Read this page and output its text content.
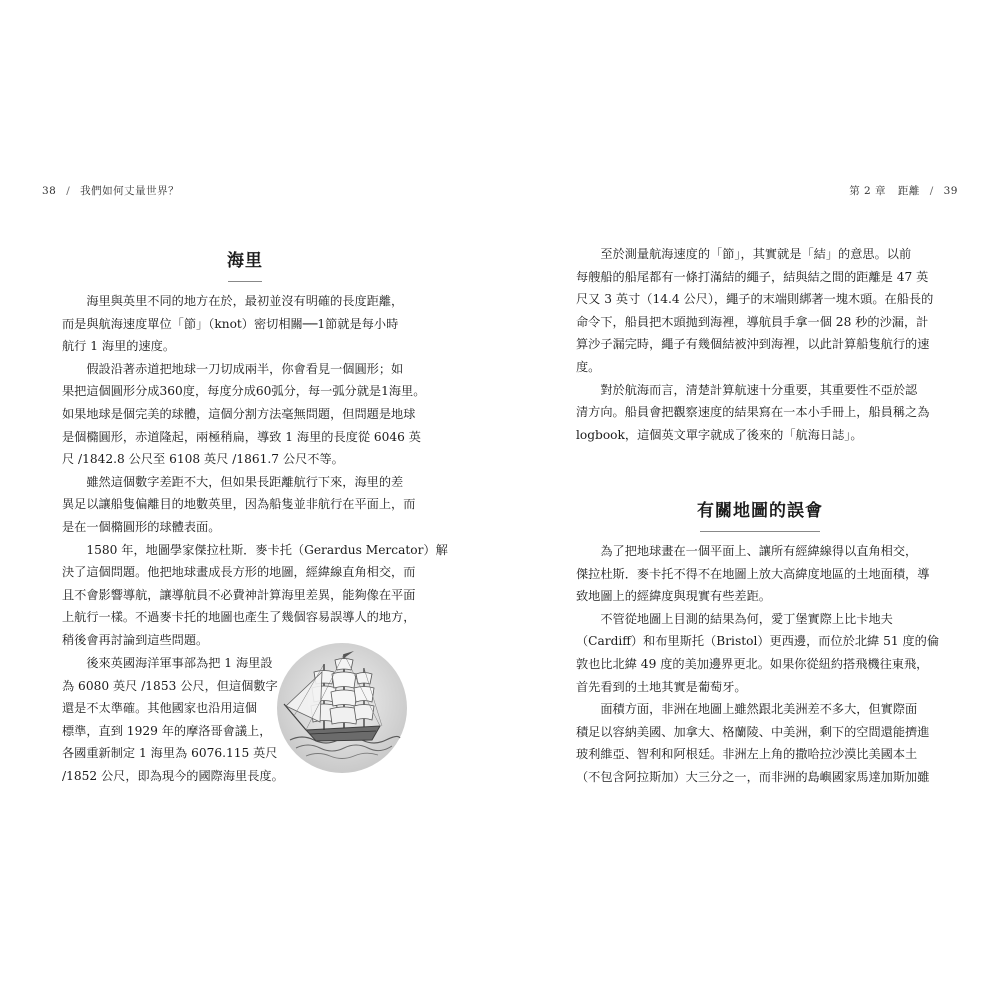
38 / 我們如何丈量世界？
海里
　　海里與英里不同的地方在於，最初並沒有明確的長度距離，
而是與航海速度單位「節」（knot）密切相關──1節就是每小時
航行 1 海里的速度。
　　假設沿著赤道把地球一刀切成兩半，你會看見一個圓形；如
果把這個圓形分成360度，每度分成60弧分，每一弧分就是1海里。
如果地球是個完美的球體，這個分割方法毫無問題，但問題是地球
是個橢圓形，赤道隆起，兩極稍扁，導致 1 海里的長度從 6046 英
尺 /1842.8 公尺至 6108 英尺 /1861.7 公尺不等。
　　雖然這個數字差距不大，但如果長距離航行下來，海里的差
異足以讓船隻偏離目的地數英里，因為船隻並非航行在平面上，而
是在一個橢圓形的球體表面。
　　1580 年，地圖學家傑拉杜斯．麥卡托（Gerardus Mercator）解
決了這個問題。他把地球畫成長方形的地圖，經緯線直角相交，而
且不會影響導航，讓導航員不必費神計算海里差異，能夠像在平面
上航行一樣。不過麥卡托的地圖也產生了幾個容易誤導人的地方，
稍後會再討論到這些問題。
　　後來英國海洋軍事部為把 1 海里設
為 6080 英尺 /1853 公尺，但這個數字
還是不太準確。其他國家也沿用這個
標準，直到 1929 年的摩洛哥會議上，
各國重新制定 1 海里為 6076.115 英尺
/1852 公尺，即為現今的國際海里長度。
第 2 章 距離 / 39
　　至於測量航海速度的「節」，其實就是「結」的意思。以前
每艘船的船尾都有一條打滿結的繩子，結與結之間的距離是 47 英
尺又 3 英寸（14.4 公尺），繩子的末端則綁著一塊木頭。在船長的
命令下，船員把木頭拋到海裡，導航員手拿一個 28 秒的沙漏，計
算沙子漏完時，繩子有幾個結被沖到海裡，以此計算船隻航行的速
度。
　　對於航海而言，清楚計算航速十分重要，其重要性不亞於認
清方向。船員會把觀察速度的結果寫在一本小手冊上，船員稱之為
logbook，這個英文單字就成了後來的「航海日誌」。
有關地圖的誤會
　　為了把地球畫在一個平面上、讓所有經緯線得以直角相交，
傑拉杜斯．麥卡托不得不在地圖上放大高緯度地區的土地面積，導
致地圖上的經緯度與現實有些差距。
　　不管從地圖上目測的結果為何，愛丁堡實際上比卡地夫
（Cardiff）和布里斯托（Bristol）更西邊，而位於北緯 51 度的倫
敦也比北緯 49 度的美加邊界更北。如果你從紐約搭飛機往東飛，
首先看到的土地其實是葡萄牙。
　　面積方面，非洲在地圖上雖然跟北美洲差不多大，但實際面
積足以容納美國、加拿大、格蘭陵、中美洲，剩下的空間還能擠進
玻利維亞、智利和阿根廷。非洲左上角的撒哈拉沙漠比美國本土
（不包含阿拉斯加）大三分之一，而非洲的島嶼國家馬達加斯加雖
